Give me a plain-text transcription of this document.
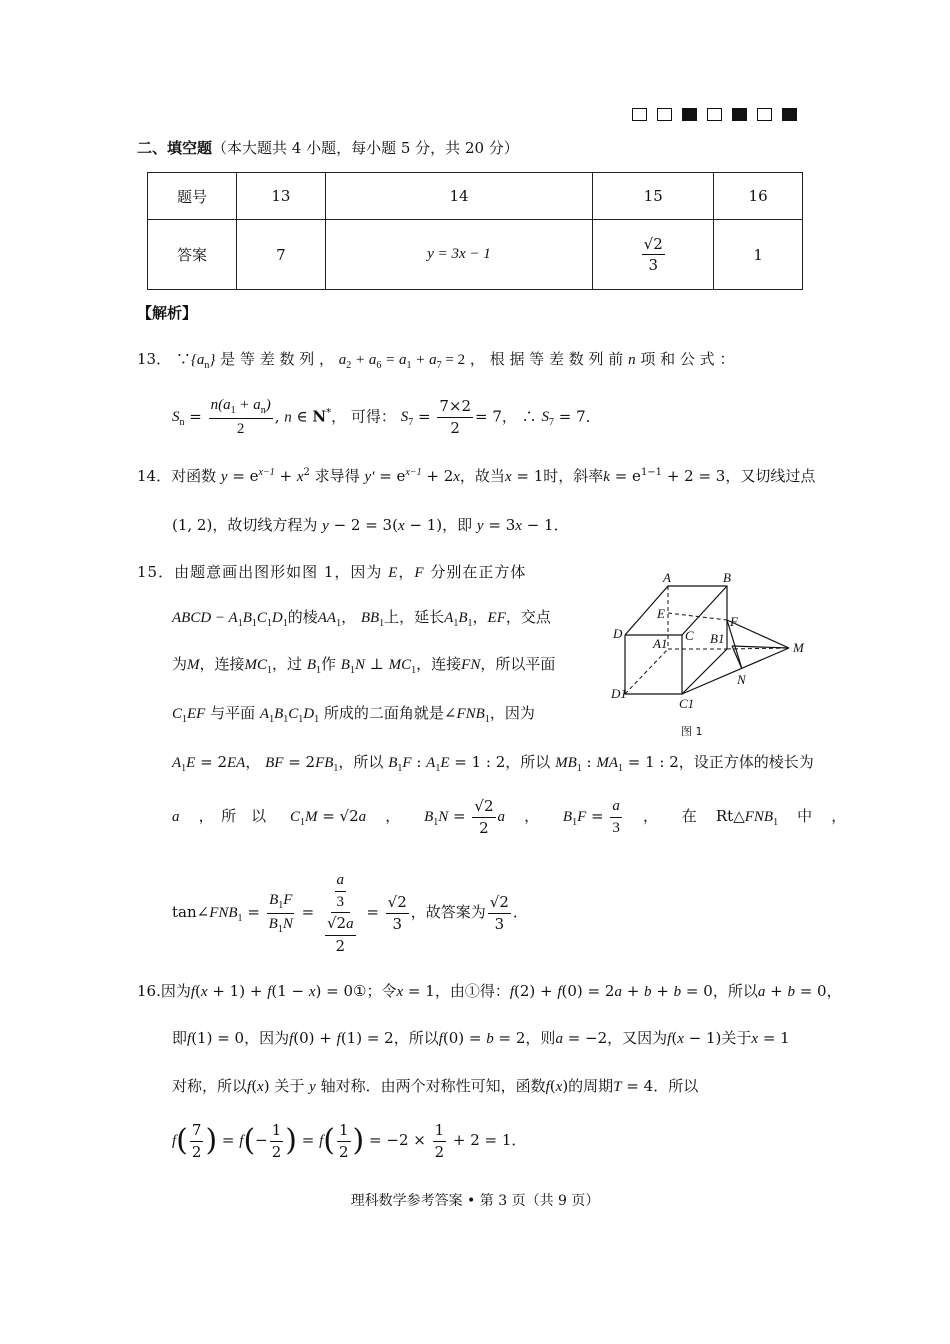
二、填空题（本大题共 4 小题，每小题 5 分，共 20 分）
题号	13	14	15	16
答案	7	y = 3x − 1	$\frac{√2}{3}$	1
【解析】
13． $\because\{a_n\}$ 是 等 差 数 列 ， $a_2 + a_6 = a_1 + a_7 = 2$ ， 根 据 等 差 数 列 前 n 项 和 公 式 ：
$S_n = \frac{n(a_1 + a_n)}{2}$ , n ∈ N*， 可得： $S_7 = \frac{7\times 2}{2} = 7$， ∴ $S_7 = 7$．
14．对函数 $y = e^{x-1} + x^2$ 求导得 $y' = e^{x-1} + 2x$，故当x = 1时，斜率$k = e^{1-1} + 2 = 3$，又切线过点
(1, 2)，故切线方程为 y − 2 = 3(x − 1)，即 y = 3x − 1．
15．由题意画出图形如图 1，因为 E，F 分别在正方体
ABCD − $A_1B_1C_1D_1$的棱$AA_1$， $BB_1$上，延长$A_1B_1$，EF，交点
为M，连接$MC_1$，过 $B_1$作 $B_1N$ ⊥ $MC_1$，连接FN，所以平面
$C_1EF$ 与平面 $A_1B_1C_1D_1$ 所成的二面角就是$\angle FNB_1$，因为
A	B
E
F
D
A1
C B1
M
N
D1
C1
图 1
$A_1E = 2EA$， BF = $2FB_1$，所以 $B_1F$ : $A_1E = 1$ : 2，所以 $MB_1$ : $MA_1 = 1$ : 2，设正方体的棱长为
a ，　所　以 $C_1M = √2a$    ，     $B_1N = \frac{√2}{2}$ a    ，     $B_1F = \frac{a}{3}$ ，     在    $Rt\triangle FNB_1$ 中    ，
$\tan\angle FNB_1 = \frac{B_1F}{B_1N} = \frac{\frac{a}{3}}{\frac{√2a}{2}} = \frac{√2}{3}$ ，故答案为 $\frac{√2}{3}$ ．
16.因为f(x + 1) + f(1 − x) = 0①；令x = 1，由①得：f(2) + f(0) = 2a + b + b = 0，所以a + b = 0，
即f(1) = 0，因为f(0) + f(1) = 2，所以f(0) = b = 2，则a = −2，又因为f(x − 1)关于x = 1
对称，所以f(x) 关于 y 轴对称．由两个对称性可知，函数f(x)的周期T = 4．所以
$f( \frac{7}{2}$ ) = $f(- \frac{1}{2}$ ) = $f( \frac{1}{2}$ ) = $-2 \times \frac{1}{2} + 2 = 1$．
理科数学参考答案 • 第 3 页（共 9 页）
